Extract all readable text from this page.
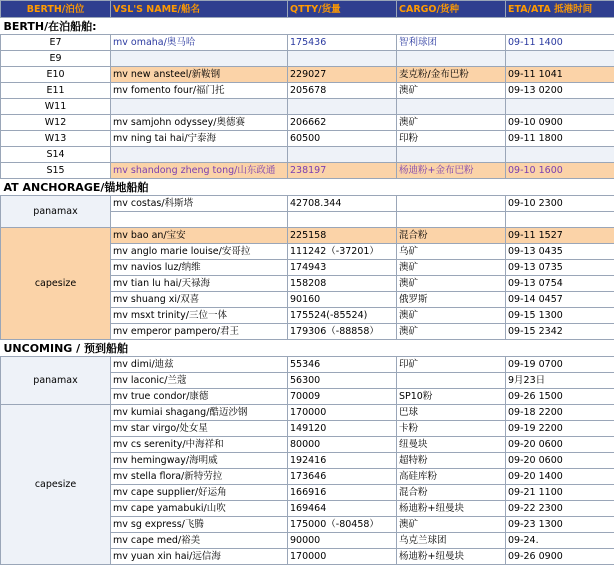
BERTH/泊位	VSL'S NAME/船名	QTTY/货量	CARGO/货种	ETA/ATA 抵港时间
BERTH/在泊船舶:				
E7	mv omaha/奥马哈	175436	智利球团	09-11 1400
E9				
E10	mv new ansteel/新鞍钢	229027	麦克粉/金布巴粉	09-11 1041
E11	mv fomento four/福门托	205678	澳矿	09-13 0200
W11				
W12	mv samjohn odyssey/奥德赛	206662	澳矿	09-10 0900
W13	mv ning tai hai/宁泰海	60500	印粉	09-11 1800
S14				
S15	mv shandong zheng tong/山东政通	238197	杨迪粉+金布巴粉	09-10 1600
AT ANCHORAGE/锚地船舶				
panamax	mv costas/科斯塔	42708.344		09-10 2300

capesize	mv bao an/宝安	225158	混合粉	09-11 1527
	mv anglo marie louise/安哥拉	111242（-37201）	乌矿	09-13 0435
	mv navios luz/纳维	174943	澳矿	09-13 0735
	mv tian lu hai/天禄海	158208	澳矿	09-13 0754
	mv shuang xi/双喜	90160	俄罗斯	09-14 0457
	mv msxt trinity/三位一体	175524(-85524)	澳矿	09-15 1300
	mv emperor pampero/君王	179306（-88858）	澳矿	09-15 2342
UNCOMING / 预到船舶				
panamax	mv dimi/迪兹	55346	印矿	09-19 0700
	mv laconic/兰蔻	56300		9月23日
	mv true condor/康德	70009	SP10粉	09-26 1500
capesize	mv kumiai shagang/酷迈沙钢	170000	巴球	09-18 2200
	mv star virgo/处女星	149120	卡粉	09-19 2200
	mv cs serenity/中海祥和	80000	纽曼块	09-20 0600
	mv hemingway/海明威	192416	超特粉	09-20 0600
	mv stella flora/新特劳拉	173646	高硅库粉	09-20 1400
	mv cape supplier/好运角	166916	混合粉	09-21 1100
	mv cape yamabuki/山吹	169464	杨迪粉+纽曼块	09-22 2300
	mv sg express/飞腾	175000（-80458）	澳矿	09-23 1300
	mv cape med/裕美	90000	乌克兰球团	09-24.
	mv yuan xin hai/远信海	170000	杨迪粉+纽曼块	09-26 0900
